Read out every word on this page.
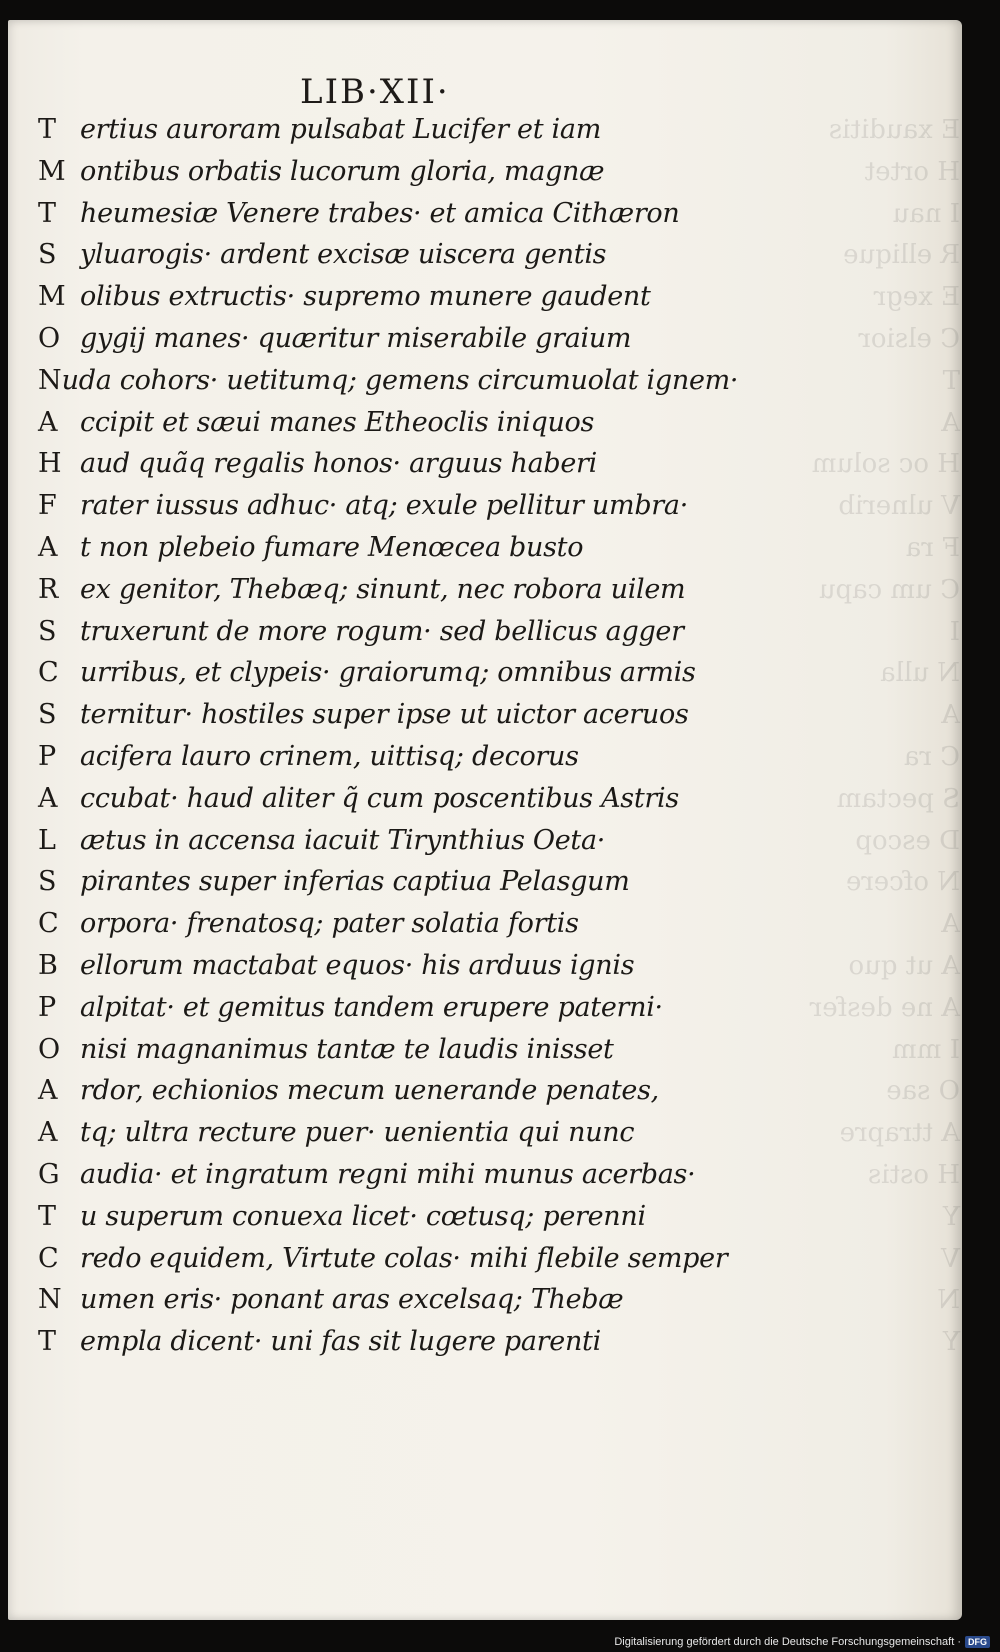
LIB·XII·
T ertius auroram pulsabat Lucifer et iam
M ontibus orbatis lucorum gloria, magnæ
T heumesiæ Venere trabes· et amica Cithæron
S yluarogis· ardent excisæ uiscera gentis
M olibus extructis· supremo munere gaudent
O gygij manes· quæritur miserabile graium
N uda cohors· uetitumq; gemens circumuolat ignem·
A ccipit et sæui manes Etheoclis iniquos
H aud quãq regalis honos· arguus haberi
F rater iussus adhuc· atq; exule pellitur umbra·
A t non plebeio fumare Menœcea busto
R ex genitor, Thebæq; sinunt, nec robora uilem
S truxerunt de more rogum· sed bellicus agger
C urribus, et clypeis· graiorumq; omnibus armis
S ternitur· hostiles super ipse ut uictor aceruos
P acifera lauro crinem, uittisq; decorus
A ccubat· haud aliter q̃ cum poscentibus Astris
L ætus in accensa iacuit Tirynthius Oeta·
S pirantes super inferias captiua Pelasgum
C orpora· frenatosq; pater solatia fortis
B ellorum mactabat equos· his arduus ignis
P alpitat· et gemitus tandem erupere paterni·
O nisi magnanimus tantæ te laudis inisset
A rdor, echionios mecum uenerande penates,
A tq; ultra recture puer· uenientia qui nunc
G audia· et ingratum regni mihi munus acerbas·
T u superum conuexa licet· cœtusq; perenni
C redo equidem, Virtute colas· mihi flebile semper
N umen eris· ponant aras excelsaq; Thebæ
T empla dicent· uni fas sit lugere parenti
Digitalisierung gefördert durch die Deutsche Forschungsgemeinschaft · DFG
